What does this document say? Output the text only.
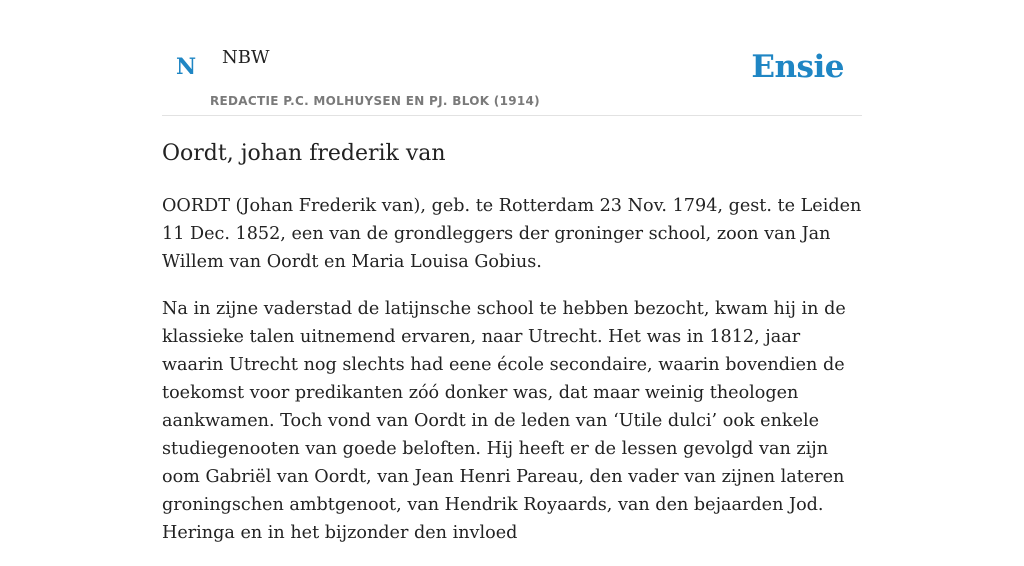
N NBW
REDACTIE P.C. MOLHUYSEN EN PJ. BLOK (1914)
Ensie
Oordt, johan frederik van

OORDT (Johan Frederik van), geb. te Rotterdam 23 Nov. 1794, gest. te Leiden 11 Dec. 1852, een van de grondleggers der groninger school, zoon van Jan Willem van Oordt en Maria Louisa Gobius.

Na in zijne vaderstad de latijnsche school te hebben bezocht, kwam hij in de klassieke talen uitnemend ervaren, naar Utrecht. Het was in 1812, jaar waarin Utrecht nog slechts had eene école secondaire, waarin bovendien de toekomst voor predikanten zóó donker was, dat maar weinig theologen aankwamen. Toch vond van Oordt in de leden van ‘Utile dulci’ ook enkele studiegenooten van goede beloften. Hij heeft er de lessen gevolgd van zijn oom Gabriël van Oordt, van Jean Henri Pareau, den vader van zijnen lateren groningschen ambtgenoot, van Hendrik Royaards, van den bejaarden Jod. Heringa en in het bijzonder den invloed
